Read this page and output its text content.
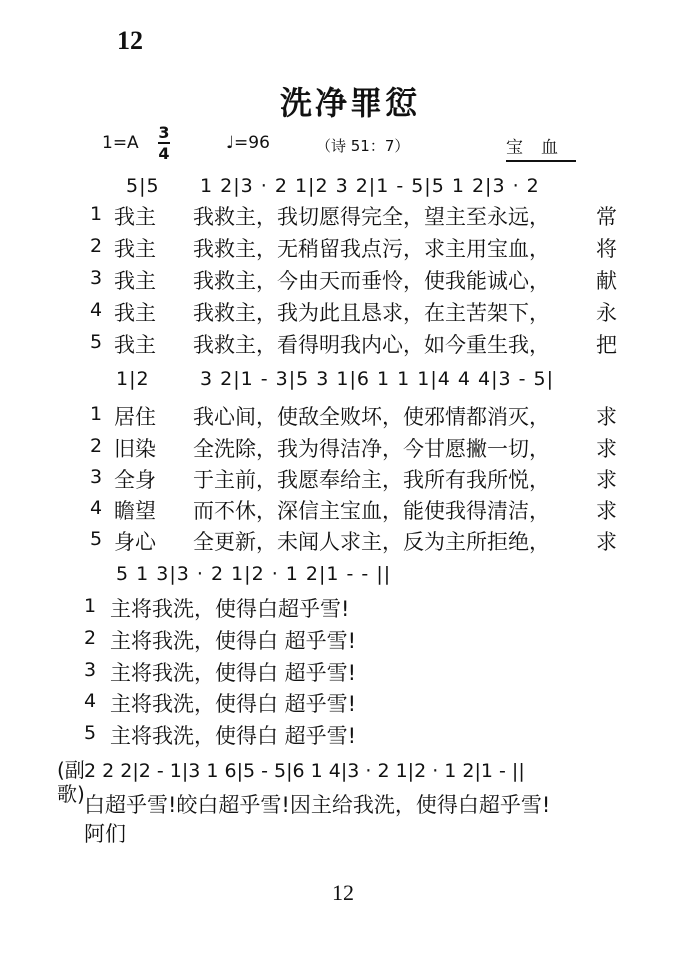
12
洗净罪愆
1=A
3
4
♩=96	（诗 51：7）	宝血
5|5 1 2|3 · 2 1|2 3 2|1 - 5|5 1 2|3 · 2
1 我主 我救主，我切愿得完全，望主至永远， 常
2 我主 我救主，无稍留我点污，求主用宝血， 将
3 我主 我救主，今由天而垂怜，使我能诚心， 献
4 我主 我救主，我为此且恳求，在主苦架下， 永
5 我主 我救主，看得明我内心，如今重生我， 把
1|2	3 2|1 - 3|5 3 1|6 1 1 1|4 4 4|3 - 5|
1 居住 我心间，使敌全败坏，使邪情都消灭， 求
2 旧染 全洗除，我为得洁净，今甘愿撇一切， 求
3 全身 于主前，我愿奉给主，我所有我所悦， 求
4 瞻望 而不休，深信主宝血，能使我得清洁， 求
5 身心 全更新，未闻人求主，反为主所拒绝， 求
5 1 3|3 · 2 1|2 · 1 2|1 - - ||
1 主将我洗，使得白超乎雪!
2 主将我洗，使得白 超乎雪!
3 主将我洗，使得白 超乎雪!
4 主将我洗，使得白 超乎雪!
5 主将我洗，使得白 超乎雪!
(副歌)
2 2 2|2 - 1|3 1 6|5 - 5|6 1 4|3 · 2 1|2 · 1 2|1 - ||
白超乎雪!皎白超乎雪!因主给我洗，使得白超乎雪!
阿们
12
